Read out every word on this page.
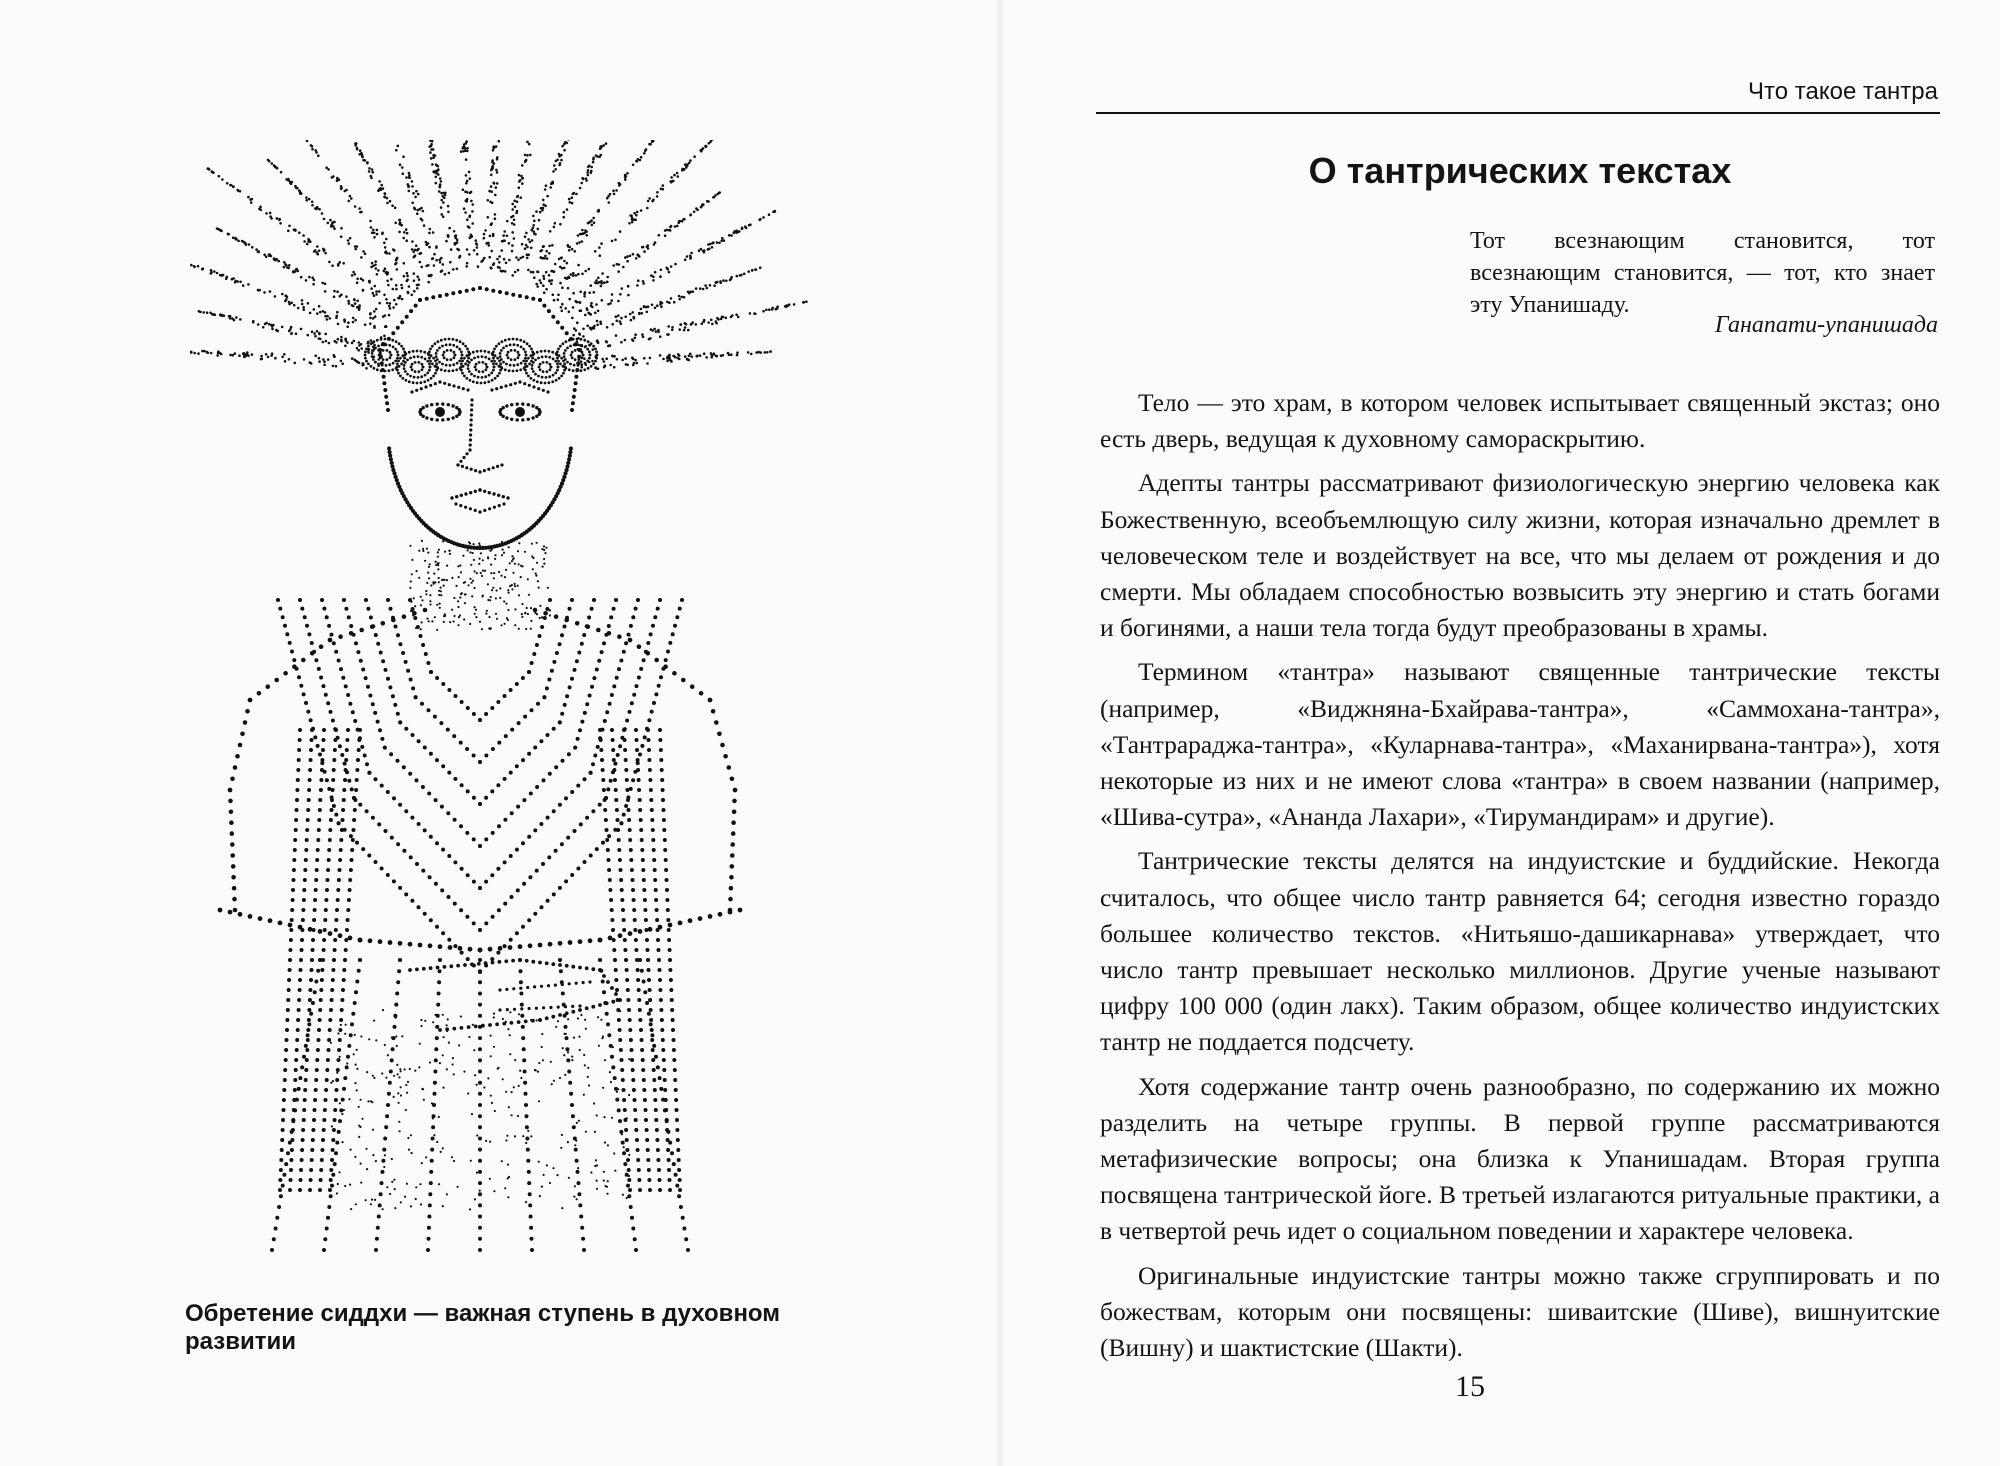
Обретение сиддхи — важная ступень в духовном развитии
Что такое тантра
О тантрических текстах
Тот всезнающим становится, тот всезнающим становится, — тот, кто знает эту Упанишаду.
Ганапати-упанишада

Тело — это храм, в котором человек испытывает священный экстаз; оно есть дверь, ведущая к духовному самораскрытию.

Адепты тантры рассматривают физиологическую энергию человека как Божественную, всеобъемлющую силу жизни, которая изначально дремлет в человеческом теле и воздействует на все, что мы делаем от рождения и до смерти. Мы обладаем способностью возвысить эту энергию и стать богами и богинями, а наши тела тогда будут преобразованы в храмы.

Термином «тантра» называют священные тантрические тексты (например, «Виджняна-Бхайрава-тантра», «Саммохана-тантра», «Тантрараджа-тантра», «Куларнава-тантра», «Маханирвана-тантра»), хотя некоторые из них и не имеют слова «тантра» в своем названии (например, «Шива-сутра», «Ананда Лахари», «Тирумандирам» и другие).

Тантрические тексты делятся на индуистские и буддийские. Некогда считалось, что общее число тантр равняется 64; сегодня известно гораздо большее количество текстов. «Нитьяшо-дашикарнава» утверждает, что число тантр превышает несколько миллионов. Другие ученые называют цифру 100 000 (один лакх). Таким образом, общее количество индуистских тантр не поддается подсчету.

Хотя содержание тантр очень разнообразно, по содержанию их можно разделить на четыре группы. В первой группе рассматриваются метафизические вопросы; она близка к Упанишадам. Вторая группа посвящена тантрической йоге. В третьей излагаются ритуальные практики, а в четвертой речь идет о социальном поведении и характере человека.

Оригинальные индуистские тантры можно также сгруппировать и по божествам, которым они посвящены: шиваитские (Шиве), вишнуитские (Вишну) и шактистские (Шакти).

15
